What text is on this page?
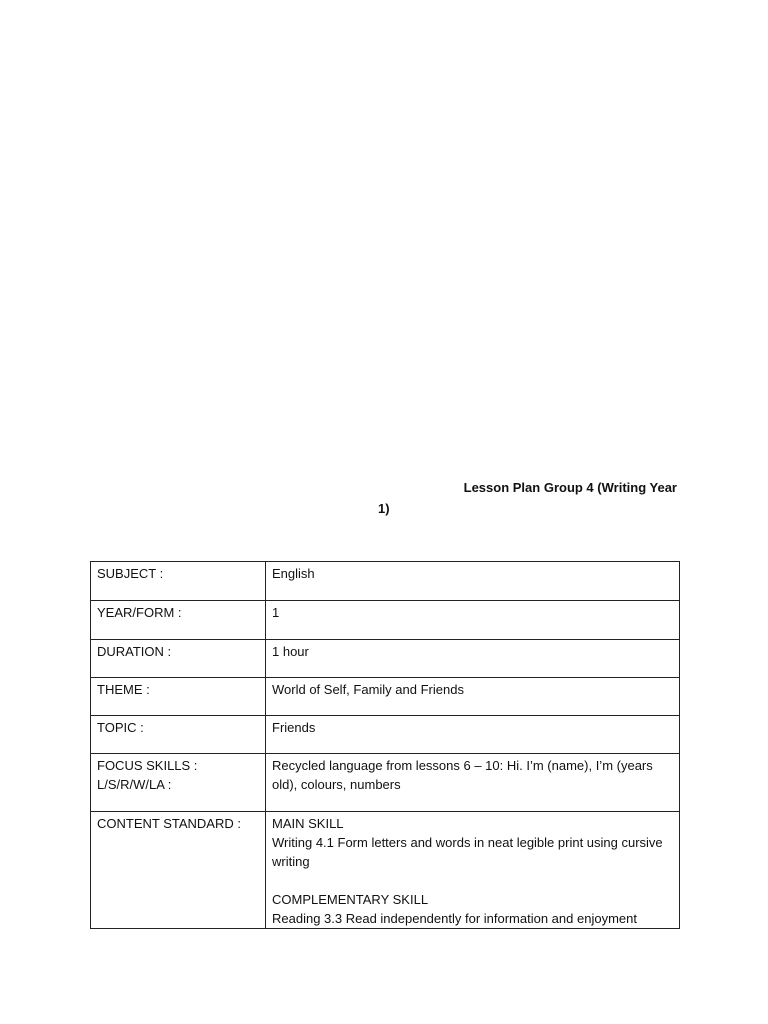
Lesson Plan Group 4 (Writing Year
1)
SUBJECT :	English
YEAR/FORM :	1
DURATION :	1 hour
THEME :	World of Self, Family and Friends
TOPIC :	Friends
FOCUS SKILLS :
L/S/R/W/LA :	Recycled language from lessons 6 – 10: Hi. I’m (name), I’m (years old), colours, numbers
CONTENT STANDARD :	MAIN SKILL
Writing 4.1 Form letters and words in neat legible print using cursive writing

COMPLEMENTARY SKILL
Reading 3.3 Read independently for information and enjoyment
